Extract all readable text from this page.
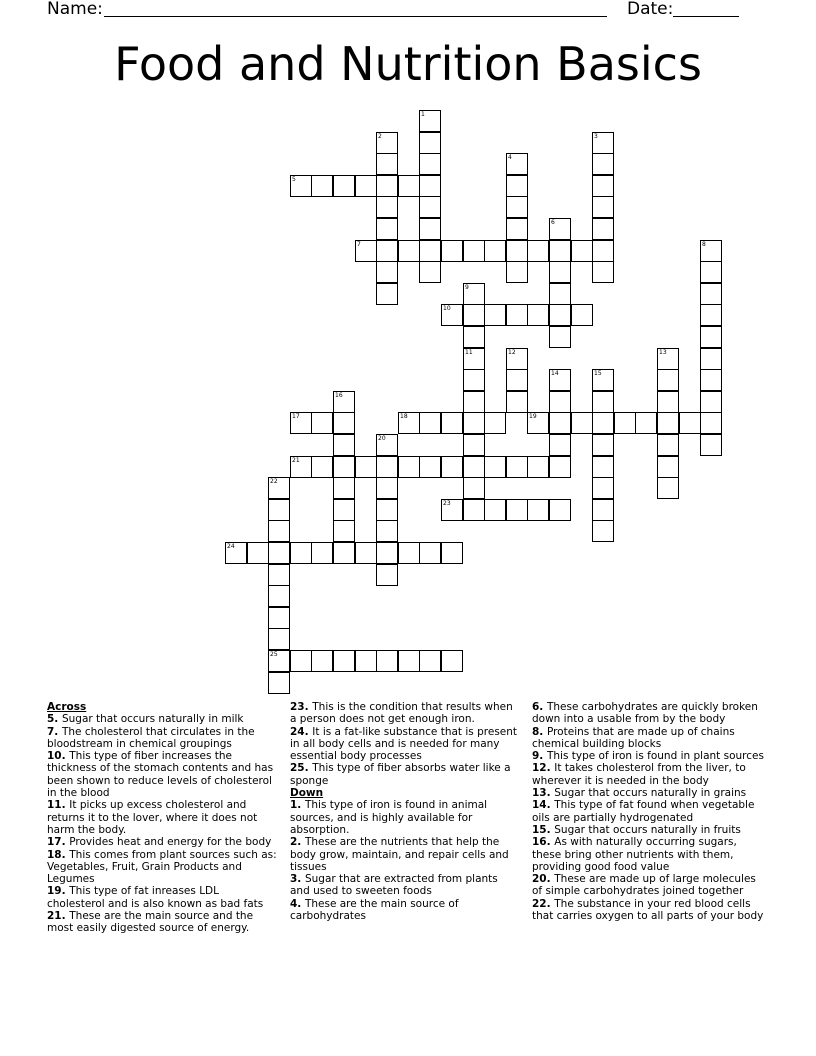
Name:	Date:
Food and Nutrition Basics
1
2	3
4
5
6
7	8
9
11
10
12	13
14	15
16
17	18	19
20
21
22
25
23
24
Across
5. Sugar that occurs naturally in milk
7. The cholesterol that circulates in the bloodstream in chemical groupings
10. This type of fiber increases the thickness of the stomach contents and has been shown to reduce levels of cholesterol in the blood
11. It picks up excess cholesterol and returns it to the lover, where it does not harm the body.
17. Provides heat and energy for the body
18. This comes from plant sources such as: Vegetables, Fruit, Grain Products and Legumes
19. This type of fat inreases LDL cholesterol and is also known as bad fats
21. These are the main source and the most easily digested source of energy.
23. This is the condition that results when a person does not get enough iron.
24. It is a fat-like substance that is present in all body cells and is needed for many essential body processes
25. This type of fiber absorbs water like a sponge
Down
1. This type of iron is found in animal sources, and is highly available for absorption.
2. These are the nutrients that help the body grow, maintain, and repair cells and tissues
3. Sugar that are extracted from plants and used to sweeten foods
4. These are the main source of carbohydrates
6. These carbohydrates are quickly broken down into a usable from by the body
8. Proteins that are made up of chains chemical building blocks
9. This type of iron is found in plant sources
12. It takes cholesterol from the liver, to wherever it is needed in the body
13. Sugar that occurs naturally in grains
14. This type of fat found when vegetable oils are partially hydrogenated
15. Sugar that occurs naturally in fruits
16. As with naturally occurring sugars, these bring other nutrients with them, providing good food value
20. These are made up of large molecules of simple carbohydrates joined together
22. The substance in your red blood cells that carries oxygen to all parts of your body
